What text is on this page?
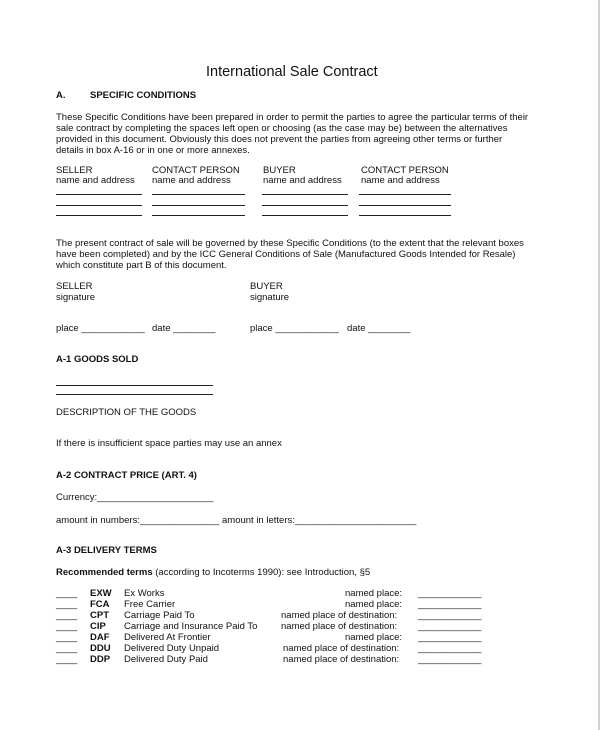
International Sale Contract
A.	SPECIFIC CONDITIONS
These Specific Conditions have been prepared in order to permit the parties to agree the particular terms of their
sale contract by completing the spaces left open or choosing (as the case may be) between the alternatives
provided in this document. Obviously this does not prevent the parties from agreeing other terms or further
details in box A-16 or in one or more annexes.
SELLER
name and address
CONTACT PERSON
name and address
BUYER
name and address
CONTACT PERSON
name and address
The present contract of sale will be governed by these Specific Conditions (to the extent that the relevant boxes
have been completed) and by the ICC General Conditions of Sale (Manufactured Goods Intended for Resale)
which constitute part B of this document.
SELLER
signature
BUYER
signature
place ____________ date ________	place ____________ date ________
A-1 GOODS SOLD
DESCRIPTION OF THE GOODS
If there is insufficient space parties may use an annex
A-2 CONTRACT PRICE (ART. 4)
Currency:______________________
amount in numbers:_______________ amount in letters:_______________________
A-3 DELIVERY TERMS
Recommended terms (according to Incoterms 1990): see Introduction, §5
____ EXW Ex Works	named place: ____________
____ FCA Free Carrier	named place: ____________
____ CPT Carriage Paid To	named place of destination: ____________
____ CIP Carriage and Insurance Paid To named place of destination: ____________
____ DAF Delivered At Frontier	named place: ____________
____ DDU Delivered Duty Unpaid	named place of destination: ____________
____ DDP Delivered Duty Paid	named place of destination: ____________
